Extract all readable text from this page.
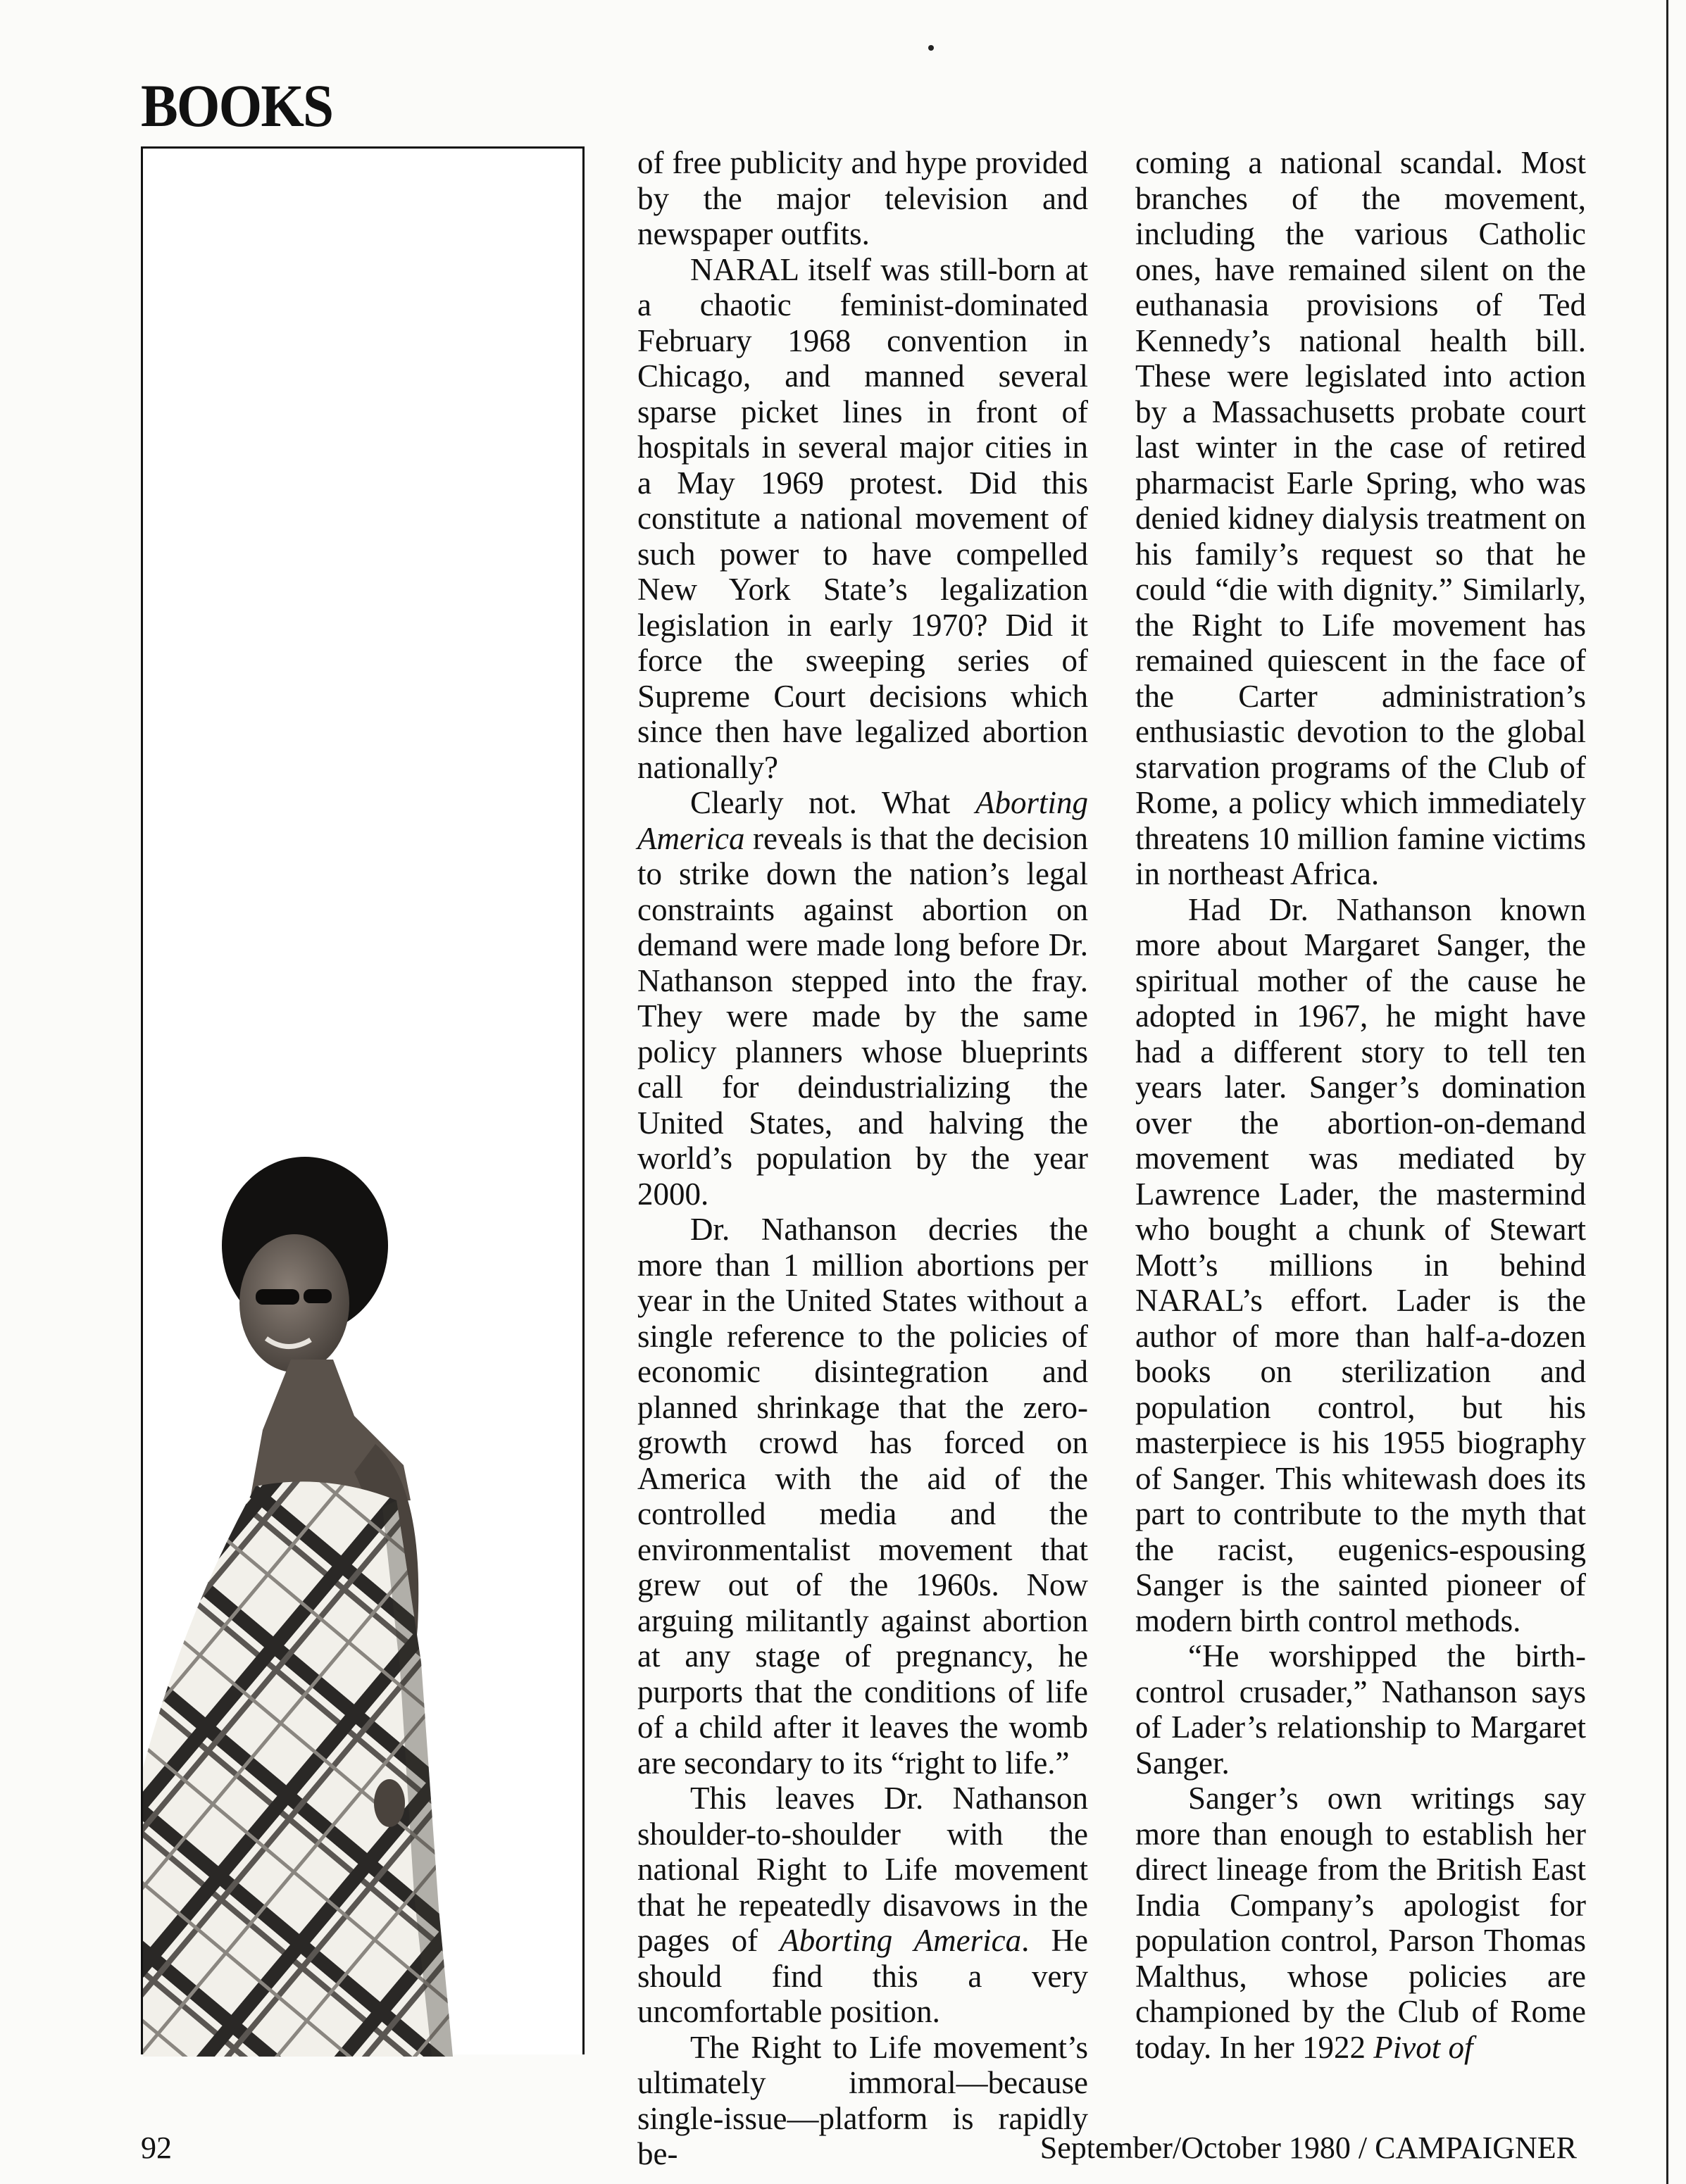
BOOKS

of free publicity and hype provided by the major television and newspaper outfits.

NARAL itself was still-born at a chaotic feminist-dominated February 1968 convention in Chicago, and manned several sparse picket lines in front of hospitals in several major cities in a May 1969 protest. Did this constitute a national movement of such power to have compelled New York State’s legalization legislation in early 1970? Did it force the sweeping series of Supreme Court decisions which since then have legalized abortion nationally?

Clearly not. What Aborting America reveals is that the decision to strike down the nation’s legal constraints against abortion on demand were made long before Dr. Nathanson stepped into the fray. They were made by the same policy planners whose blueprints call for deindustrializing the United States, and halving the world’s population by the year 2000.

Dr. Nathanson decries the more than 1 million abortions per year in the United States without a single reference to the policies of economic disintegration and planned shrinkage that the zero-growth crowd has forced on America with the aid of the controlled media and the environmentalist movement that grew out of the 1960s. Now arguing militantly against abortion at any stage of pregnancy, he purports that the conditions of life of a child after it leaves the womb are secondary to its “right to life.”

This leaves Dr. Nathanson shoulder-to-shoulder with the national Right to Life movement that he repeatedly disavows in the pages of Aborting America. He should find this a very uncomfortable position.

The Right to Life movement’s ultimately immoral—because single-issue—platform is rapidly be-

coming a national scandal. Most branches of the movement, including the various Catholic ones, have remained silent on the euthanasia provisions of Ted Kennedy’s national health bill. These were legislated into action by a Massachusetts probate court last winter in the case of retired pharmacist Earle Spring, who was denied kidney dialysis treatment on his family’s request so that he could “die with dignity.” Similarly, the Right to Life movement has remained quiescent in the face of the Carter administration’s enthusiastic devotion to the global starvation programs of the Club of Rome, a policy which immediately threatens 10 million famine victims in northeast Africa.

Had Dr. Nathanson known more about Margaret Sanger, the spiritual mother of the cause he adopted in 1967, he might have had a different story to tell ten years later. Sanger’s domination over the abortion-on-demand movement was mediated by Lawrence Lader, the mastermind who bought a chunk of Stewart Mott’s millions in behind NARAL’s effort. Lader is the author of more than half-a-dozen books on sterilization and population control, but his masterpiece is his 1955 biography of Sanger. This whitewash does its part to contribute to the myth that the racist, eugenics-espousing Sanger is the sainted pioneer of modern birth control methods.

“He worshipped the birth-control crusader,” Nathanson says of Lader’s relationship to Margaret Sanger.

Sanger’s own writings say more than enough to establish her direct lineage from the British East India Company’s apologist for population control, Parson Thomas Malthus, whose policies are championed by the Club of Rome today. In her 1922 Pivot of

92	September/October 1980 / CAMPAIGNER
